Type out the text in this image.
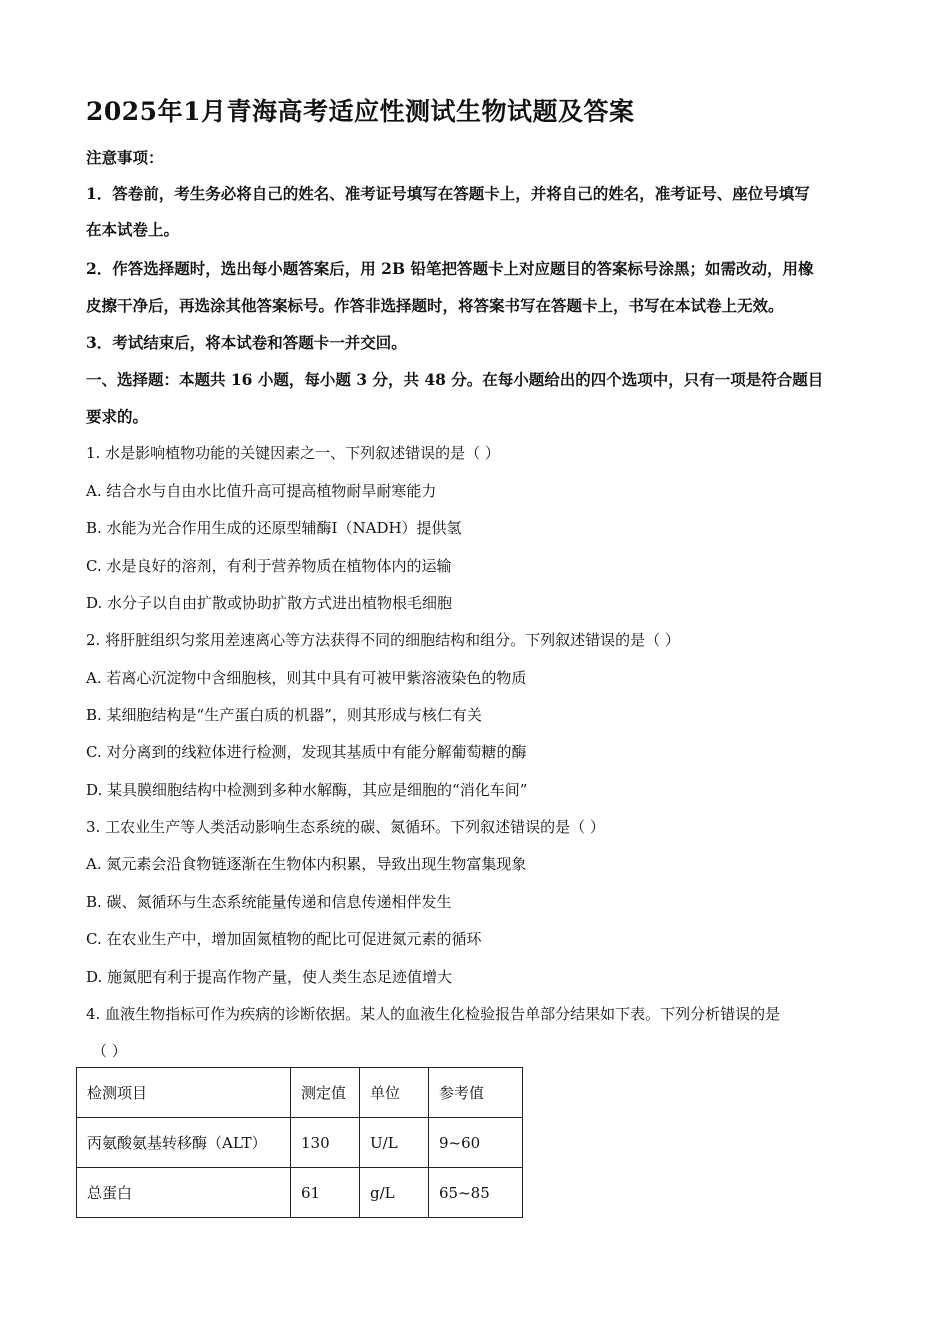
2025年1月青海高考适应性测试生物试题及答案
注意事项：
1．答卷前，考生务必将自己的姓名、准考证号填写在答题卡上，并将自己的姓名，准考证号、座位号填写
在本试卷上。
2．作答选择题时，选出每小题答案后，用 2B 铅笔把答题卡上对应题目的答案标号涂黑；如需改动，用橡
皮擦干净后，再选涂其他答案标号。作答非选择题时，将答案书写在答题卡上，书写在本试卷上无效。
3．考试结束后，将本试卷和答题卡一并交回。
一、选择题：本题共 16 小题，每小题 3 分，共 48 分。在每小题给出的四个选项中，只有一项是符合题目
要求的。
1. 水是影响植物功能的关键因素之一、下列叙述错误的是（ ）
A. 结合水与自由水比值升高可提高植物耐旱耐寒能力
B. 水能为光合作用生成的还原型辅酶Ⅰ（NADH）提供氢
C. 水是良好的溶剂，有利于营养物质在植物体内的运输
D. 水分子以自由扩散或协助扩散方式进出植物根毛细胞
2. 将肝脏组织匀浆用差速离心等方法获得不同的细胞结构和组分。下列叙述错误的是（ ）
A. 若离心沉淀物中含细胞核，则其中具有可被甲紫溶液染色的物质
B. 某细胞结构是“生产蛋白质的机器”，则其形成与核仁有关
C. 对分离到的线粒体进行检测，发现其基质中有能分解葡萄糖的酶
D. 某具膜细胞结构中检测到多种水解酶，其应是细胞的“消化车间”
3. 工农业生产等人类活动影响生态系统的碳、氮循环。下列叙述错误的是（ ）
A. 氮元素会沿食物链逐渐在生物体内积累，导致出现生物富集现象
B. 碳、氮循环与生态系统能量传递和信息传递相伴发生
C. 在农业生产中，增加固氮植物的配比可促进氮元素的循环
D. 施氮肥有利于提高作物产量，使人类生态足迹值增大
4. 血液生物指标可作为疾病的诊断依据。某人的血液生化检验报告单部分结果如下表。下列分析错误的是
（ ）
检测项目	测定值	单位	参考值
丙氨酸氨基转移酶（ALT）	130	U/L	9~60
总蛋白	61	g/L	65~85
